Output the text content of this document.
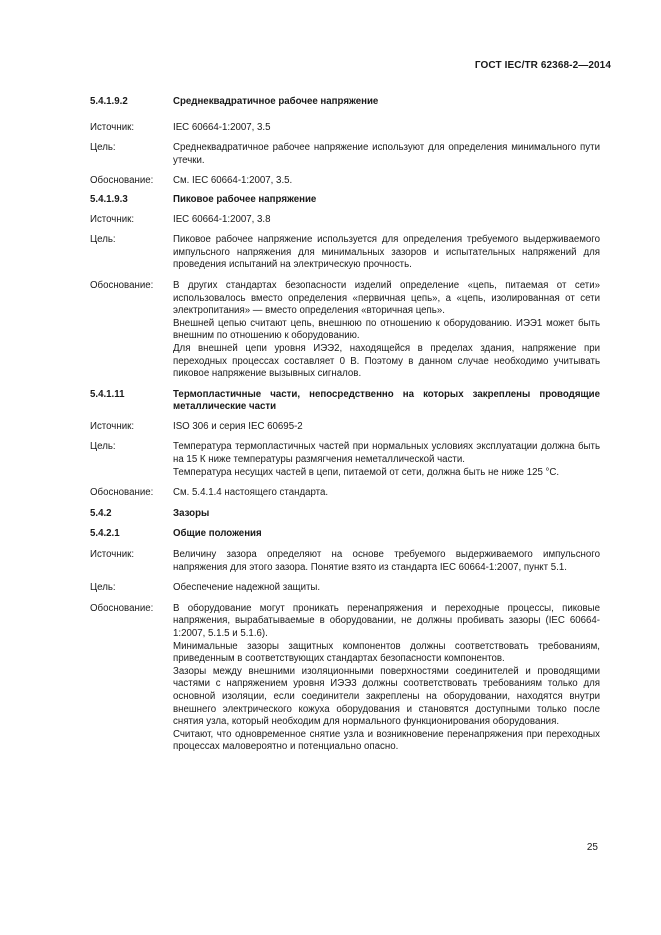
ГОСТ IEC/TR 62368-2—2014
5.4.1.9.2	Среднеквадратичное рабочее напряжение
Источник:	IEC 60664-1:2007, 3.5
Цель:	Среднеквадратичное рабочее напряжение используют для определения минимального пути утечки.

Обоснование:	См. IEC 60664-1:2007, 3.5.

5.4.1.9.3	Пиковое рабочее напряжение
Источник:	IEC 60664-1:2007, 3.8
Цель:	Пиковое рабочее напряжение используется для определения требуемого выдерживаемого импульсного напряжения для минимальных зазоров и испытательных напряжений для проведения испытаний на электрическую прочность.

Обоснование:	В других стандартах безопасности изделий определение «цепь, питаемая от сети» использовалось вместо определения «первичная цепь», а «цепь, изолированная от сети электропитания» — вместо определения «вторичная цепь».

Внешней цепью считают цепь, внешнюю по отношению к оборудованию. ИЭЭ1 может быть внешним по отношению к оборудованию.

Для внешней цепи уровня ИЭЭ2, находящейся в пределах здания, напряжение при переходных процессах составляет 0 В. Поэтому в данном случае необходимо учитывать пиковое напряжение вызывных сигналов.

5.4.1.11	Термопластичные части, непосредственно на которых закреплены проводящие металлические части
Источник:	ISO 306 и серия IEC 60695-2
Цель:	Температура термопластичных частей при нормальных условиях эксплуатации должна быть на 15 К ниже температуры размягчения неметаллической части.

Температура несущих частей в цепи, питаемой от сети, должна быть не ниже 125 °С.

Обоснование:	См. 5.4.1.4 настоящего стандарта.

5.4.2	Зазоры
5.4.2.1	Общие положения
Источник:	Величину зазора определяют на основе требуемого выдерживаемого импульсного напряжения для этого зазора. Понятие взято из стандарта IEC 60664-1:2007, пункт 5.1.
Цель:	Обеспечение надежной защиты.

Обоснование:	В оборудование могут проникать перенапряжения и переходные процессы, пиковые напряжения, вырабатываемые в оборудовании, не должны пробивать зазоры (IEC 60664-1:2007, 5.1.5 и 5.1.6).

Минимальные зазоры защитных компонентов должны соответствовать требованиям, приведенным в соответствующих стандартах безопасности компонентов.

Зазоры между внешними изоляционными поверхностями соединителей и проводящими частями с напряжением уровня ИЭЭ3 должны соответствовать требованиям только для основной изоляции, если соединители закреплены на оборудовании, находятся внутри внешнего электрического кожуха оборудования и становятся доступными только после снятия узла, который необходим для нормального функционирования оборудования.

Считают, что одновременное снятие узла и возникновение перенапряжения при переходных процессах маловероятно и потенциально опасно.

25
